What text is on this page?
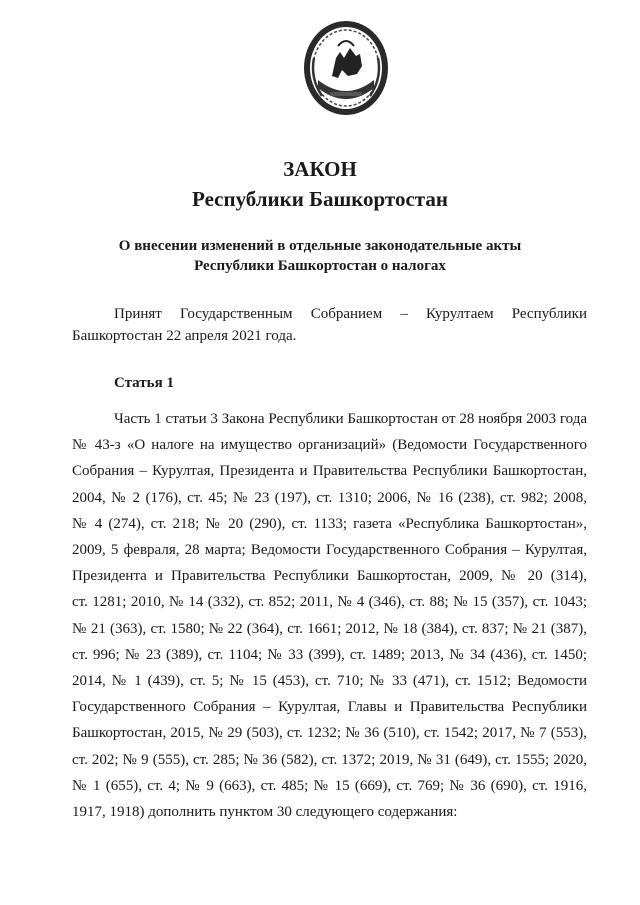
ЗАКОН
Республики Башкортостан
О внесении изменений в отдельные законодательные акты
Республики Башкортостан о налогах
Принят Государственным Собранием – Курултаем Республики
Башкортостан 22 апреля 2021 года.
Статья 1
Часть 1 статьи 3 Закона Республики Башкортостан от 28 ноября 2003 года
№ 43-з «О налоге на имущество организаций» (Ведомости Государственного
Собрания – Курултая, Президента и Правительства Республики Башкортостан,
2004, № 2 (176), ст. 45; № 23 (197), ст. 1310; 2006, № 16 (238), ст. 982; 2008,
№ 4 (274), ст. 218; № 20 (290), ст. 1133; газета «Республика Башкортостан»,
2009, 5 февраля, 28 марта; Ведомости Государственного Собрания – Курултая,
Президента и Правительства Республики Башкортостан, 2009, № 20 (314),
ст. 1281; 2010, № 14 (332), ст. 852; 2011, № 4 (346), ст. 88; № 15 (357), ст. 1043;
№ 21 (363), ст. 1580; № 22 (364), ст. 1661; 2012, № 18 (384), ст. 837; № 21 (387),
ст. 996; № 23 (389), ст. 1104; № 33 (399), ст. 1489; 2013, № 34 (436), ст. 1450;
2014, № 1 (439), ст. 5; № 15 (453), ст. 710; № 33 (471), ст. 1512; Ведомости
Государственного Собрания – Курултая, Главы и Правительства Республики
Башкортостан, 2015, № 29 (503), ст. 1232; № 36 (510), ст. 1542; 2017, № 7 (553),
ст. 202; № 9 (555), ст. 285; № 36 (582), ст. 1372; 2019, № 31 (649), ст. 1555; 2020,
№ 1 (655), ст. 4; № 9 (663), ст. 485; № 15 (669), ст. 769; № 36 (690), ст. 1916,
1917, 1918) дополнить пунктом 30 следующего содержания:
